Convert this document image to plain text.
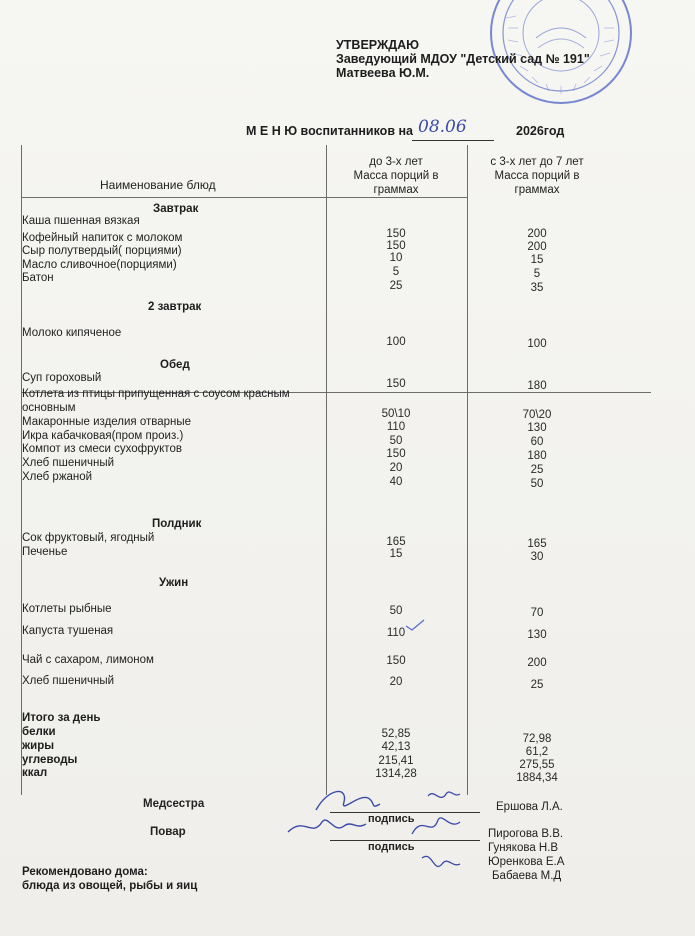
УТВЕРЖДАЮ
Заведующий МДОУ "Детский сад № 191"
Матвеева Ю.М.
М Е Н Ю воспитанников на 08.06	2026год
Наименование блюд
до 3-х лет
Масса порций в
граммах
с 3-х лет до 7 лет
Масса порций в
граммах
Завтрак
Каша пшенная вязкая
150	200
Кофейный напиток с молоком
150	200
Сыр полутвердый( порциями)
10	15
Масло сливочное(порциями)
5	5
Батон
25	35
2 завтрак
Молоко кипяченое
100	100
Обед
Суп гороховый	150	180
Котлета из птицы припущенная с соусом красным
основным	50\10	70\20
Макаронные изделия отварные	110	130
Икра кабачковая(пром произ.)	50	60
Компот из смеси сухофруктов	150	180
Хлеб пшеничный	20	25
Хлеб ржаной	40	50
Полдник
Сок фруктовый, ягодный	165	165
Печенье	15	30
Ужин
Котлеты рыбные	50	70
Капуста тушеная	110	130
Чай с сахаром, лимоном	150	200
Хлеб пшеничный	20	25
Итого за день
белки	52,85	72,98
жиры	42,13	61,2
углеводы	215,41	275,55
ккал	1314,28	1884,34
Медсестра
подпись
Ершова Л.А.
Повар
подпись
Пирогова В.В.
Гунякова Н.В
Юренкова Е.А
Бабаева М.Д
Рекомендовано дома:
блюда из овощей, рыбы и яиц
